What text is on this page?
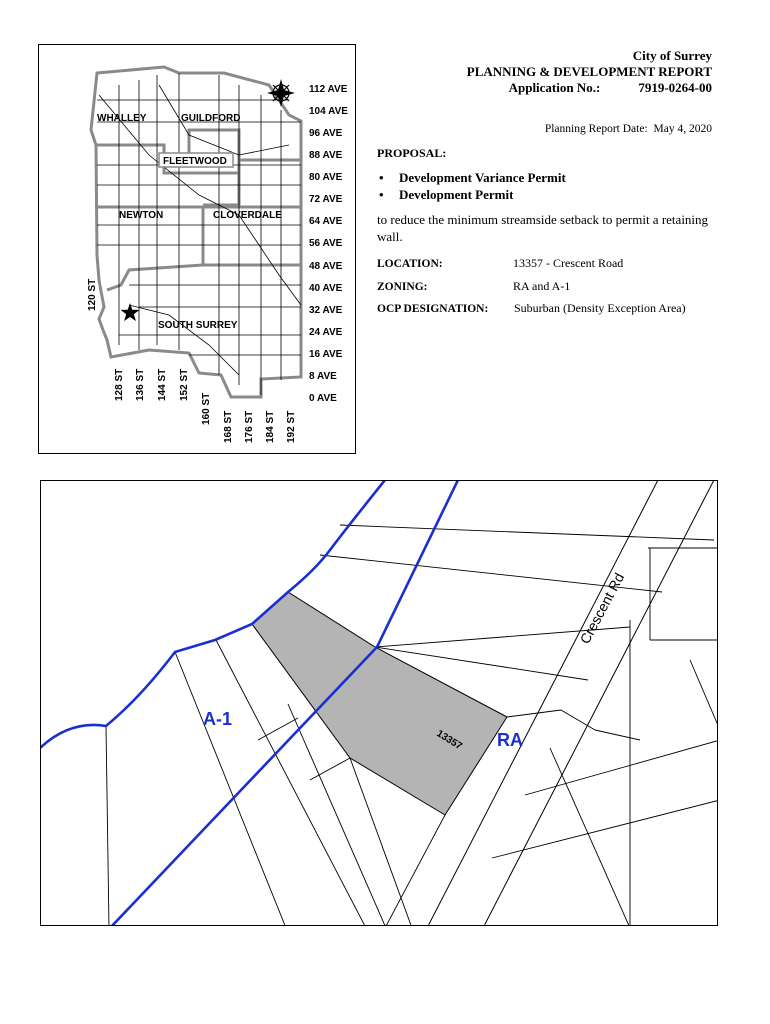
WHALLEY	GUILDFORD
FLEETWOOD
NEWTON	CLOVERDALE
SOUTH SURREY
112 AVE
104 AVE
96 AVE
88 AVE
80 AVE
72 AVE
64 AVE
56 AVE
48 AVE
40 AVE
32 AVE
24 AVE
16 AVE
8 AVE
0 AVE
120 ST
128 ST 136 ST 144 ST 152 ST
160 ST
168 ST 176 ST 184 ST 192 ST
City of Surrey
PLANNING & DEVELOPMENT REPORT
Application No.:	7919-0264-00
Planning Report Date: May 4, 2020
PROPOSAL:
• Development Variance Permit
• Development Permit
to reduce the minimum streamside setback to permit a retaining wall.
LOCATION:	13357 - Crescent Road
ZONING:	RA and A-1
OCP DESIGNATION: Suburban (Density Exception Area)
A-1
RA
Crescent Rd
13357
